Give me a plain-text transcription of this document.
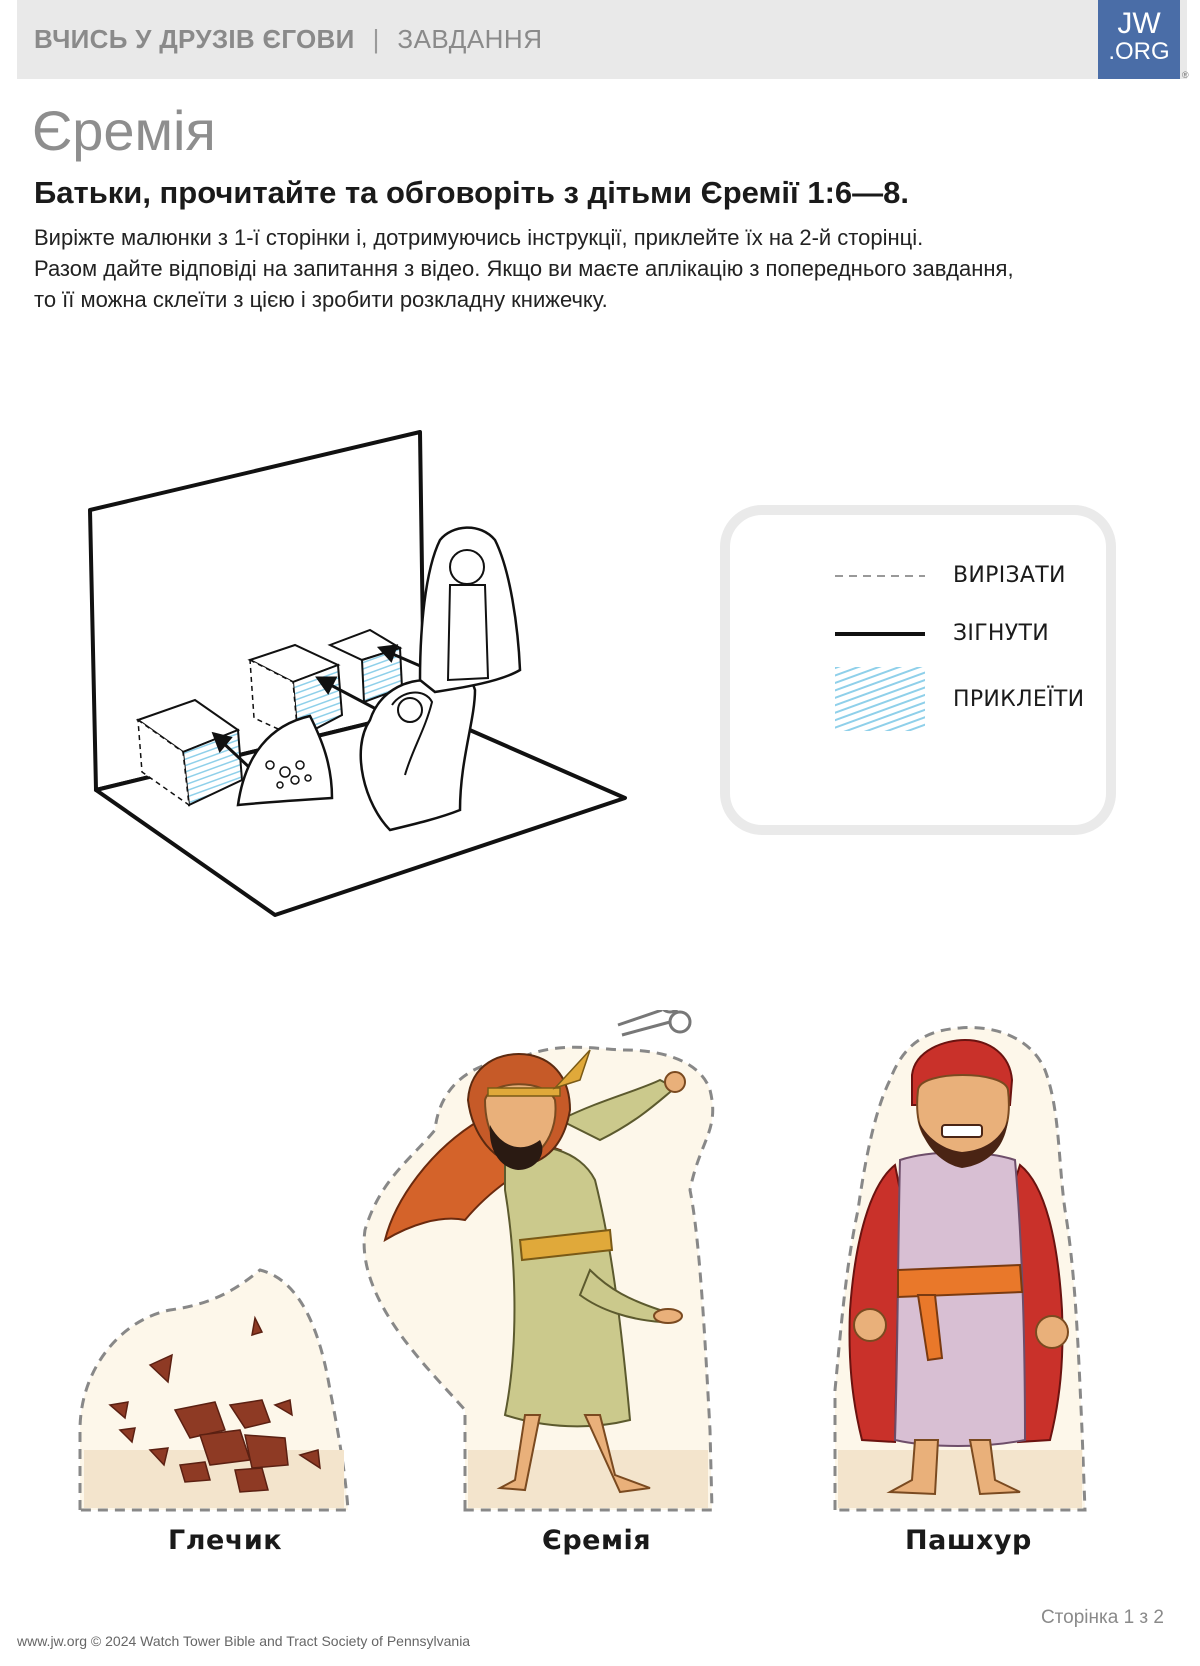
ВЧИСЬ У ДРУЗІВ ЄГОВИ | ЗАВДАННЯ	JW
.ORG
®
Єремія
Батьки, прочитайте та обговоріть з дітьми Єремії 1:6—8.
Виріжте малюнки з 1-ї сторінки і, дотримуючись інструкції, приклейте їх на 2-й сторінці.
Разом дайте відповіді на запитання з відео. Якщо ви маєте аплікацію з попереднього завдання,
то її можна склеїти з цією і зробити розкладну книжечку.
ВИРІЗАТИ
ЗІГНУТИ
ПРИКЛЕЇТИ
Глечик	Єремія	Пашхур
www.jw.org © 2024 Watch Tower Bible and Tract Society of Pennsylvania
Сторінка 1 з 2
